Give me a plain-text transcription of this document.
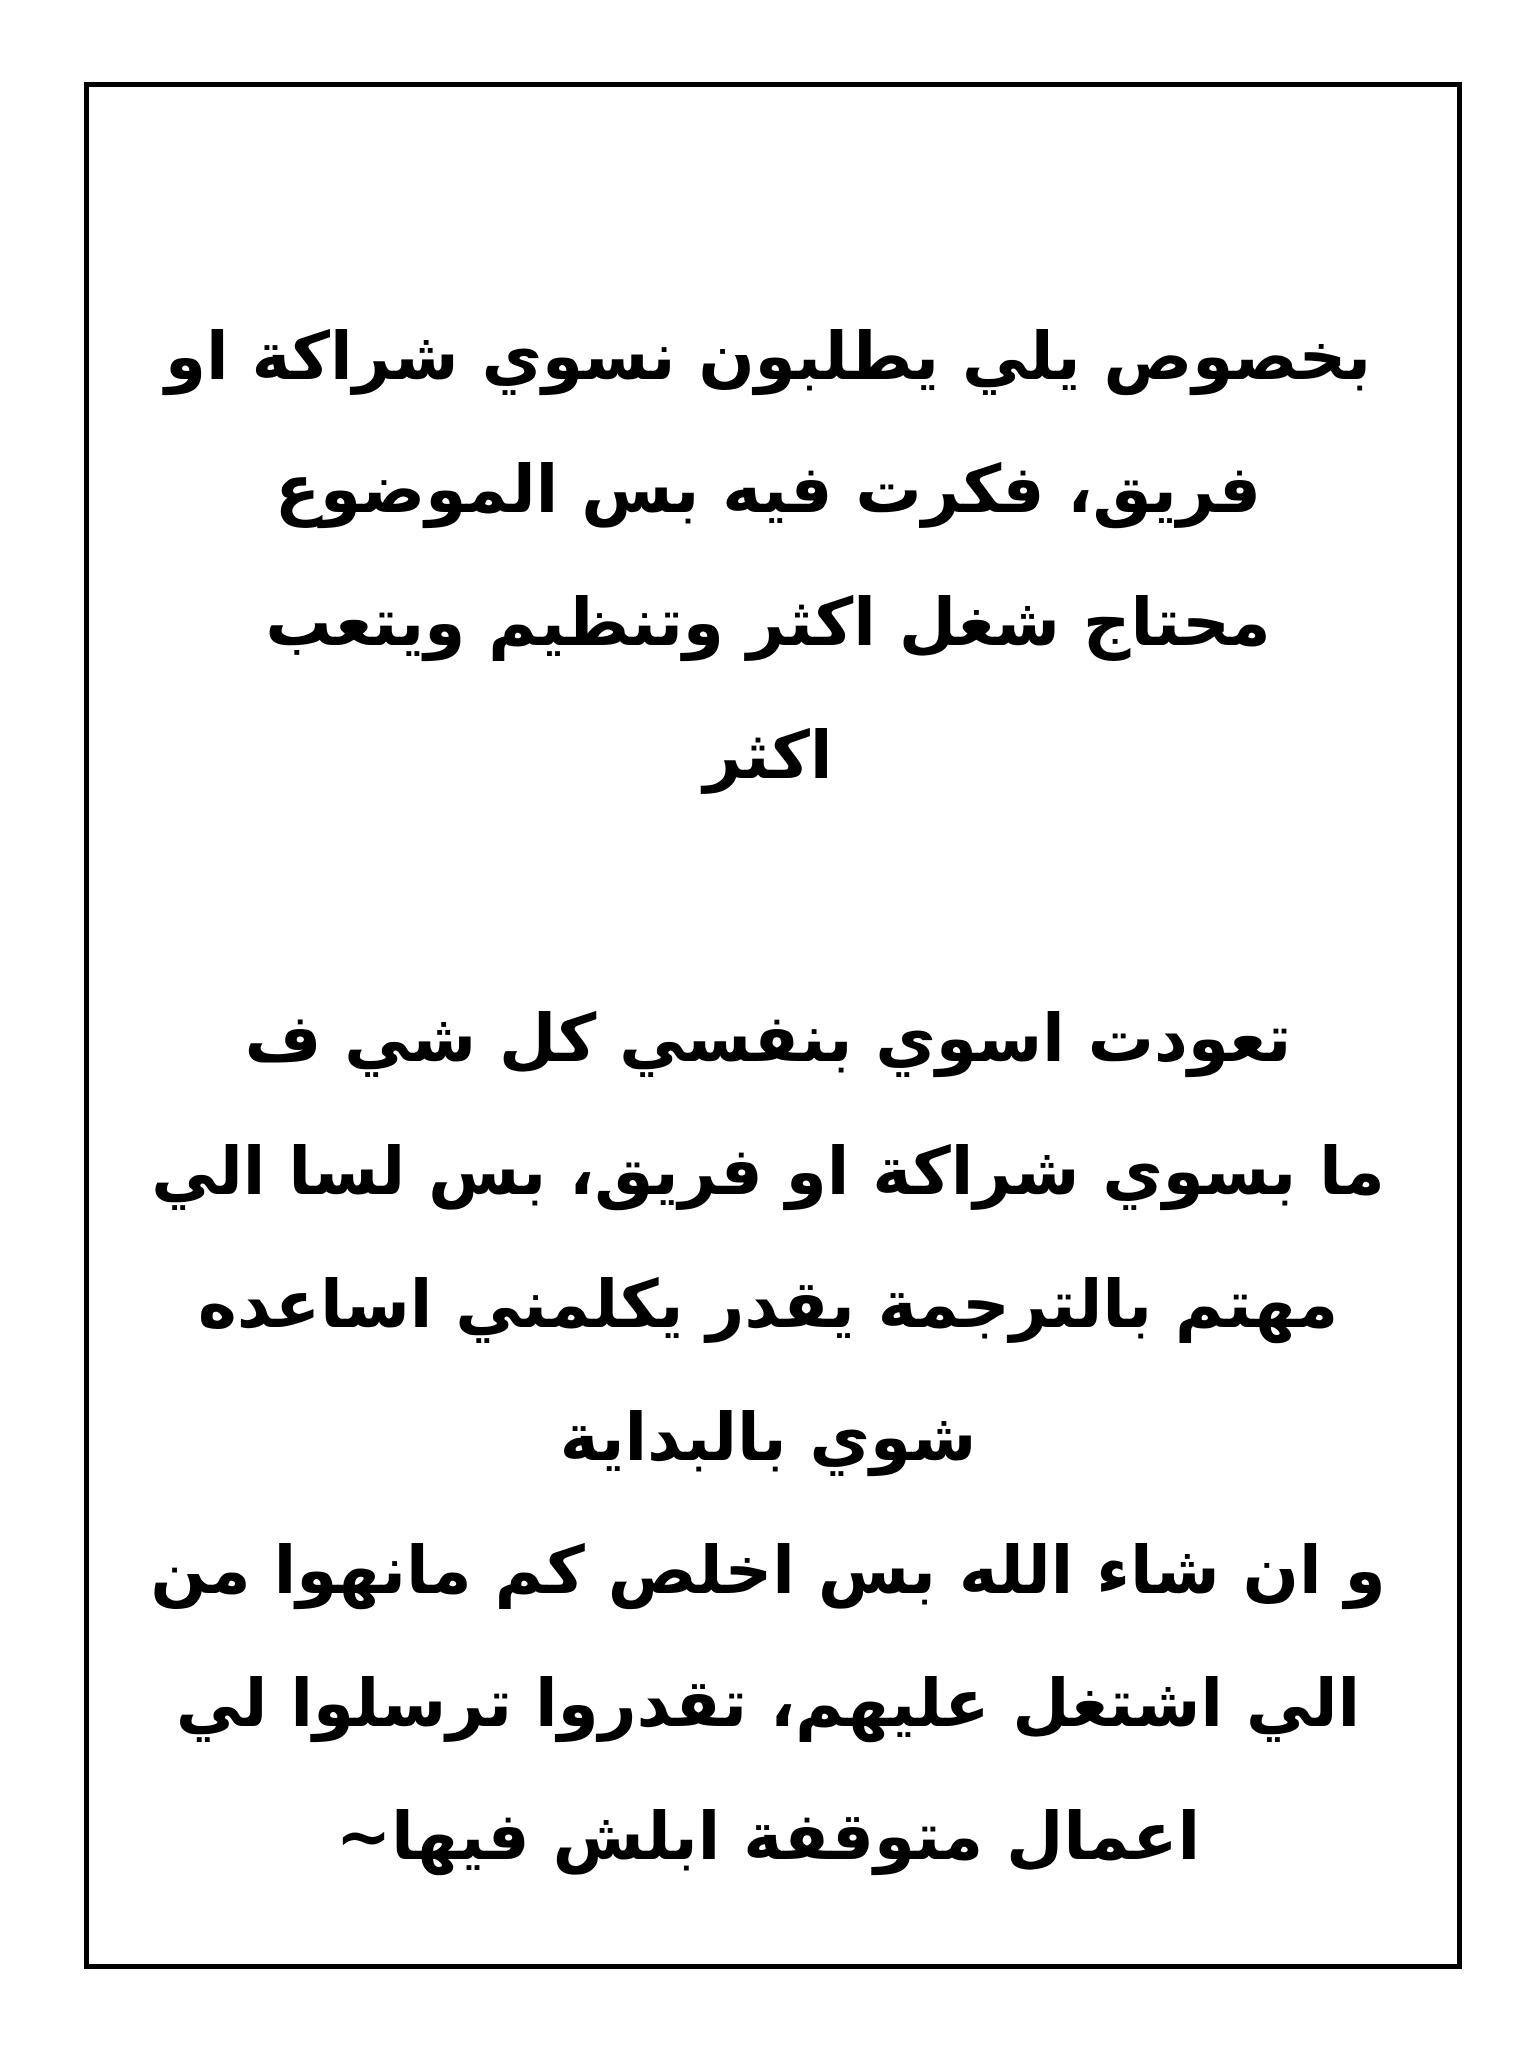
بخصوص يلي يطلبون نسوي شراكة او
فريق، فكرت فيه بس الموضوع
محتاج شغل اكثر وتنظيم ويتعب
اكثر
تعودت اسوي بنفسي كل شي ف
ما بسوي شراكة او فريق، بس لسا الي
مهتم بالترجمة يقدر يكلمني اساعده
شوي بالبداية
و ان شاء الله بس اخلص كم مانهوا من
الي اشتغل عليهم، تقدروا ترسلوا لي
اعمال متوقفة ابلش فيها~
